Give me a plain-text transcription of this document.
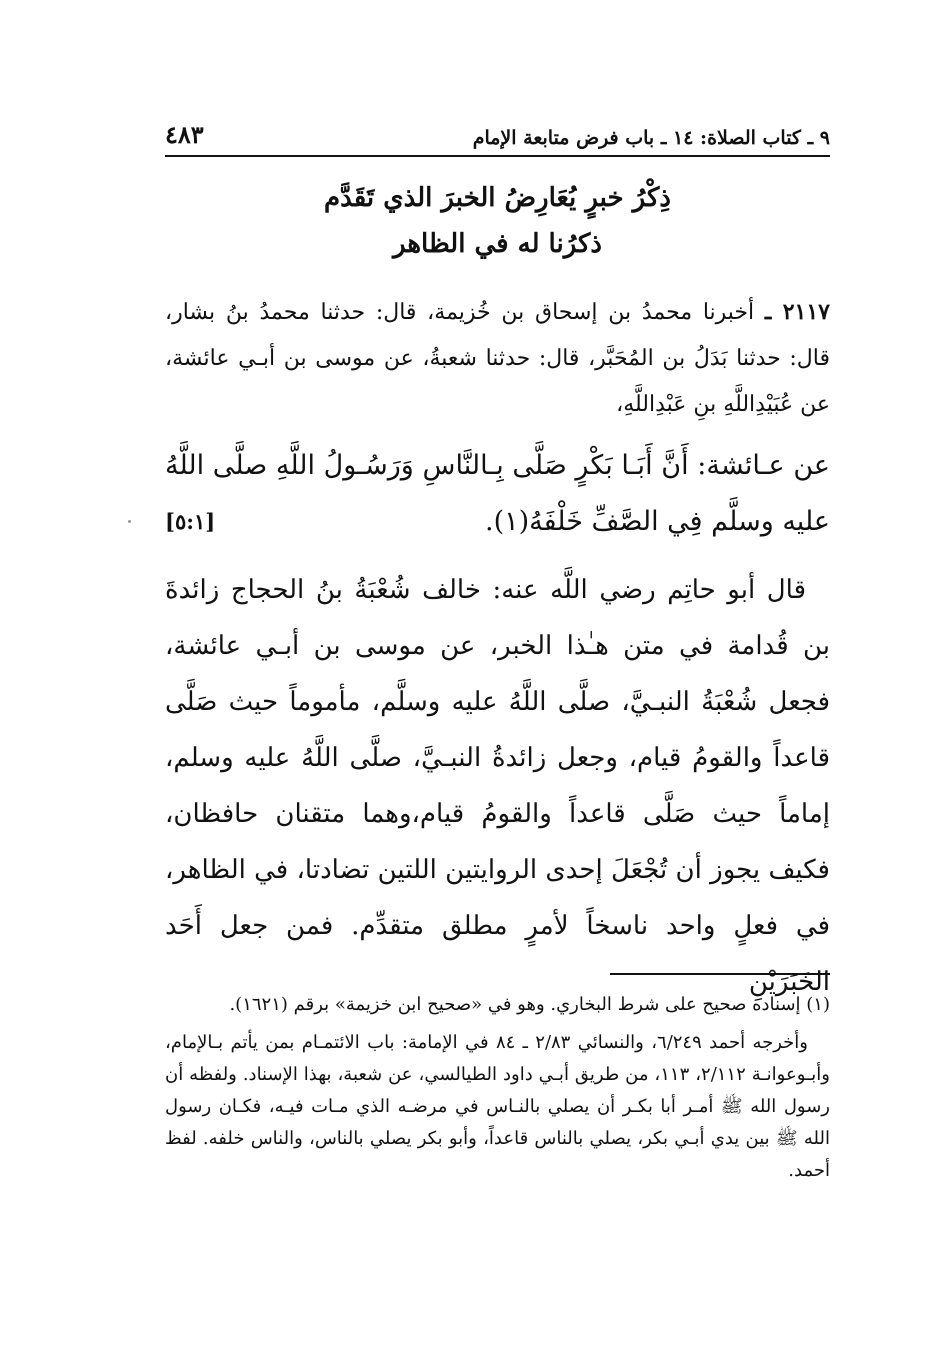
٩ ـ كتاب الصلاة: ١٤ ـ باب فرض متابعة الإمام
٤٨٣
ذِكْرُ خبرٍ يُعَارِضُ الخبرَ الذي تَقَدَّم
ذكرُنا له في الظاهر
٢١١٧ ـ أخبرنا محمدُ بن إسحاق بن خُزيمة، قال: حدثنا محمدُ بنُ بشار، قال: حدثنا بَدَلُ بن المُحَبَّر، قال: حدثنا شعبةُ، عن موسى بن أبـي عائشة، عن عُبَيْدِاللَّهِ بنِ عَبْدِاللَّهِ،
عن عـائشة: أَنَّ أَبَـا بَكْرٍ صَلَّى بِـالنَّاسِ وَرَسُـولُ اللَّهِ صلَّى اللَّهُ عليه وسلَّم فِي الصَّفِّ خَلْفَهُ(١).
[٥:١]
قال أبو حاتِم رضي اللَّه عنه: خالف شُعْبَةُ بنُ الحجاج زائدةَ بن قُدامة في متن هـٰذا الخبر، عن موسى بن أبـي عائشة، فجعل شُعْبَةُ النبـيَّ، صلَّى اللَّهُ عليه وسلَّم، مأموماً حيث صَلَّى قاعداً والقومُ قيام، وجعل زائدةُ النبـيَّ، صلَّى اللَّهُ عليه وسلم، إماماً حيث صَلَّى قاعداً والقومُ قيام،وهما متقنان حافظان، فكيف يجوز أن تُجْعَلَ إحدى الروايتين اللتين تضادتا، في الظاهر، في فعلٍ واحد ناسخاً لأمرٍ مطلق متقدِّم. فمن جعل أَحَد الخَبَرَيْنِ

(١) إسناده صحيح على شرط البخاري. وهو في «صحيح ابن خزيمة» برقم (١٦٢١).

وأخرجه أحمد ٦/٢٤٩، والنسائي ٢/٨٣ ـ ٨٤ في الإمامة: باب الائتمـام بمن يأتم بـالإمام، وأبـوعوانـة ٢/١١٢، ١١٣، من طريق أبـي داود الطيالسي، عن شعبة، بهذا الإسناد. ولفظه أن رسول الله ﷺ أمـر أبا بكـر أن يصلي بالنـاس في مرضـه الذي مـات فيـه، فكـان رسول الله ﷺ بين يدي أبـي بكر، يصلي بالناس قاعداً، وأبو بكر يصلي بالناس، والناس خلفه. لفظ أحمد.
